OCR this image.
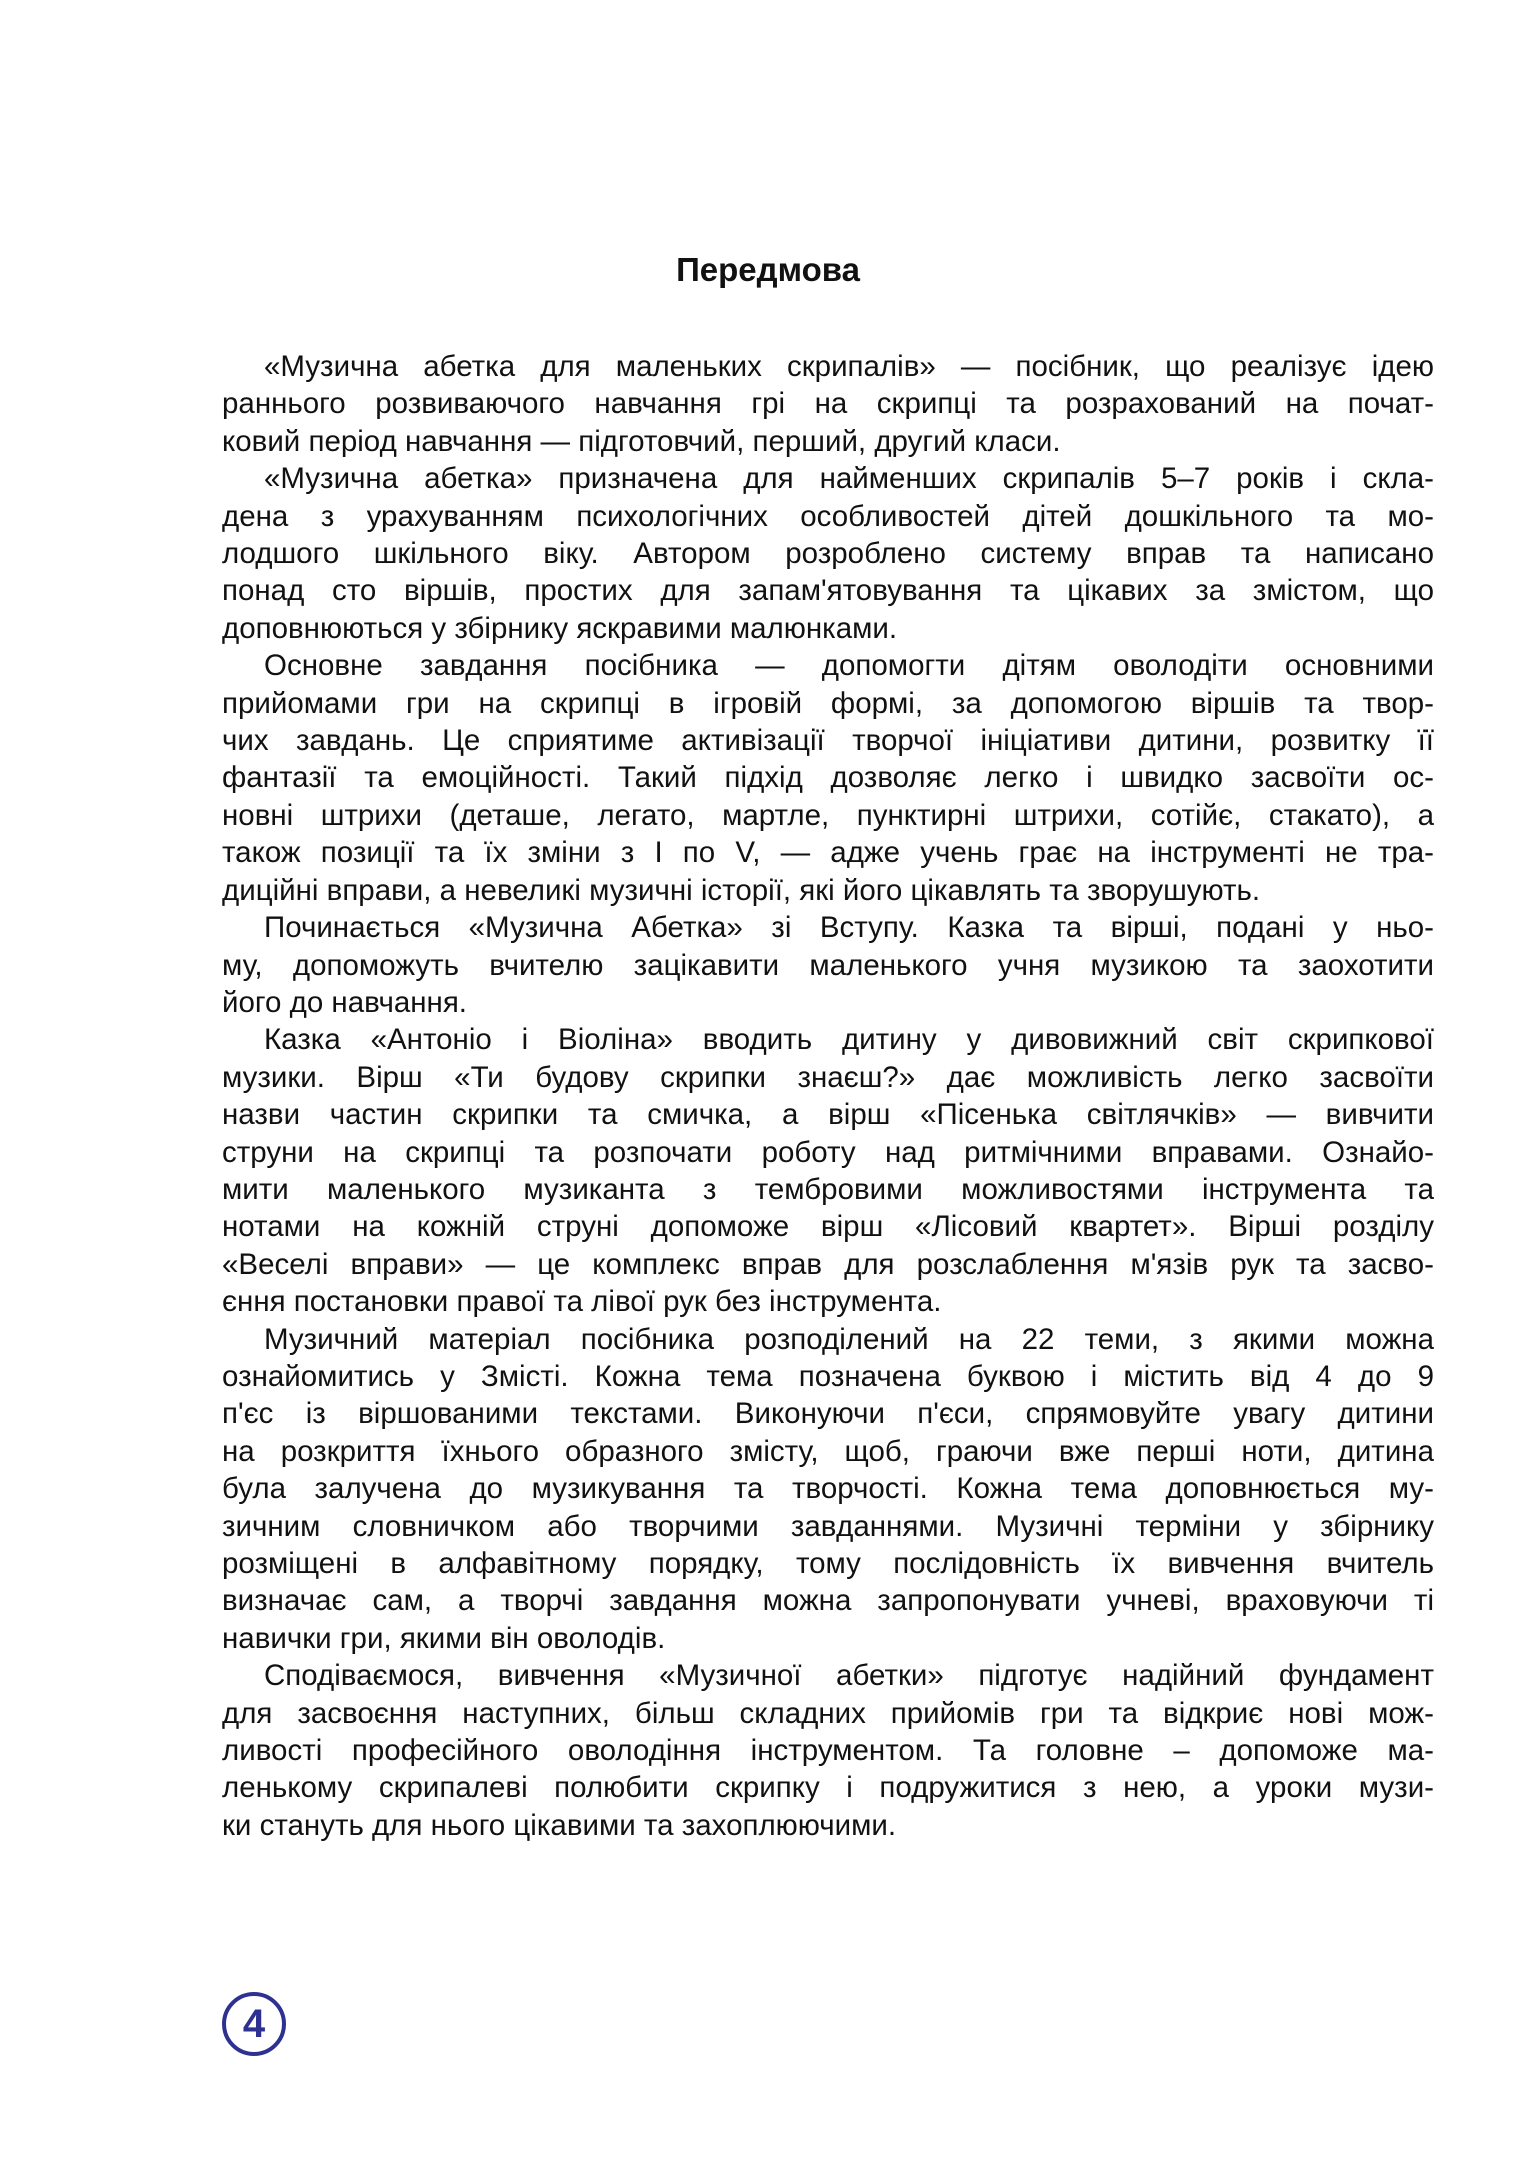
Передмова
«Музична абетка для маленьких скрипалів» — посібник, що реалізує ідею
раннього розвиваючого навчання грі на скрипці та розрахований на почат-
ковий період навчання — підготовчий, перший, другий класи.
«Музична абетка» призначена для найменших скрипалів 5–7 років і скла-
дена з урахуванням психологічних особливостей дітей дошкільного та мо-
лодшого шкільного віку. Автором розроблено систему вправ та написано
понад сто віршів, простих для запам'ятовування та цікавих за змістом, що
доповнюються у збірнику яскравими малюнками.
Основне завдання посібника — допомогти дітям оволодіти основними
прийомами гри на скрипці в ігровій формі, за допомогою віршів та твор-
чих завдань. Це сприятиме активізації творчої ініціативи дитини, розвитку її
фантазії та емоційності. Такий підхід дозволяє легко і швидко засвоїти ос-
новні штрихи (деташе, легато, мартле, пунктирні штрихи, сотійє, стакато), а
також позиції та їх зміни з I по V, — адже учень грає на інструменті не тра-
диційні вправи, а невеликі музичні історії, які його цікавлять та зворушують.
Починається «Музична Абетка» зі Вступу. Казка та вірші, подані у ньо-
му, допоможуть вчителю зацікавити маленького учня музикою та заохотити
його до навчання.
Казка «Антоніо і Віоліна» вводить дитину у дивовижний світ скрипкової
музики. Вірш «Ти будову скрипки знаєш?» дає можливість легко засвоїти
назви частин скрипки та смичка, а вірш «Пісенька світлячків» — вивчити
струни на скрипці та розпочати роботу над ритмічними вправами. Ознайо-
мити маленького музиканта з тембровими можливостями інструмента та
нотами на кожній струні допоможе вірш «Лісовий квартет». Вірші розділу
«Веселі вправи» — це комплекс вправ для розслаблення м'язів рук та засво-
єння постановки правої та лівої рук без інструмента.
Музичний матеріал посібника розподілений на 22 теми, з якими можна
ознайомитись у Змісті. Кожна тема позначена буквою і містить від 4 до 9
п'єс із віршованими текстами. Виконуючи п'єси, спрямовуйте увагу дитини
на розкриття їхнього образного змісту, щоб, граючи вже перші ноти, дитина
була залучена до музикування та творчості. Кожна тема доповнюється му-
зичним словничком або творчими завданнями. Музичні терміни у збірнику
розміщені в алфавітному порядку, тому послідовність їх вивчення вчитель
визначає сам, а творчі завдання можна запропонувати учневі, враховуючи ті
навички гри, якими він оволодів.
Сподіваємося, вивчення «Музичної абетки» підготує надійний фундамент
для засвоєння наступних, більш складних прийомів гри та відкриє нові мож-
ливості професійного оволодіння інструментом. Та головне – допоможе ма-
ленькому скрипалеві полюбити скрипку і подружитися з нею, а уроки музи-
ки стануть для нього цікавими та захоплюючими.
4
